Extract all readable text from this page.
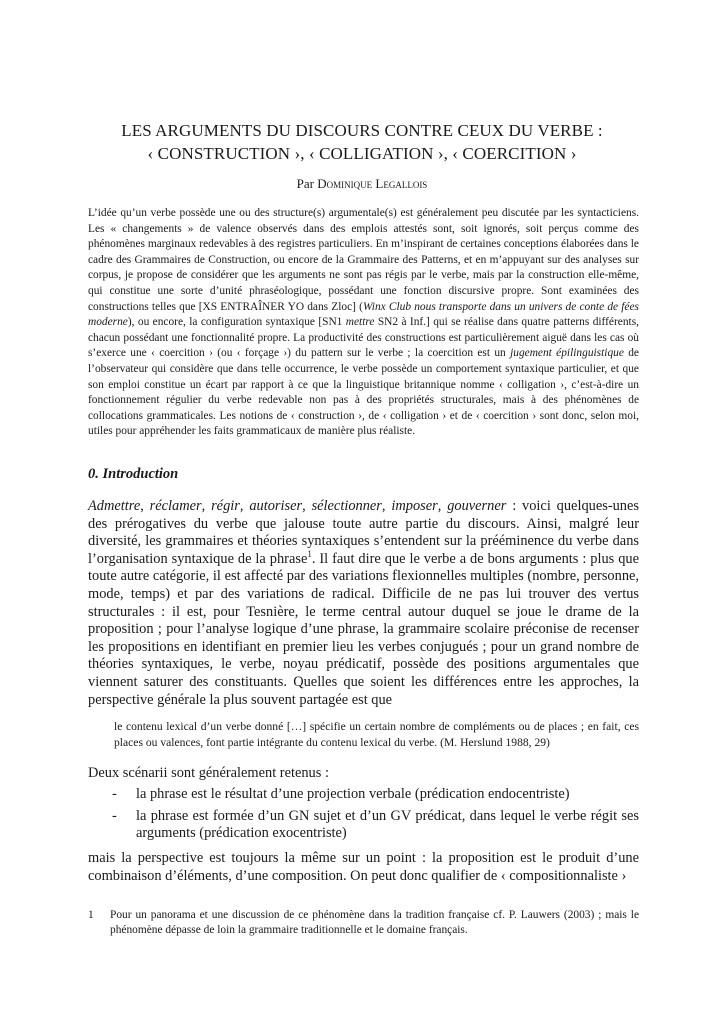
LES ARGUMENTS DU DISCOURS CONTRE CEUX DU VERBE :
‹ CONSTRUCTION ›, ‹ COLLIGATION ›, ‹ COERCITION ›
Par Dominique Legallois

L’idée qu’un verbe possède une ou des structure(s) argumentale(s) est généralement peu discutée par les syntacticiens. Les « changements » de valence observés dans des emplois attestés sont, soit ignorés, soit perçus comme des phénomènes marginaux redevables à des registres particuliers. En m’inspirant de certaines conceptions élaborées dans le cadre des Grammaires de Construction, ou encore de la Grammaire des Patterns, et en m’appuyant sur des analyses sur corpus, je propose de considérer que les arguments ne sont pas régis par le verbe, mais par la construction elle-même, qui constitue une sorte d’unité phraséologique, possédant une fonction discursive propre. Sont examinées des constructions telles que [XS ENTRAÎNER YO dans Zloc] (Winx Club nous transporte dans un univers de conte de fées moderne), ou encore, la configuration syntaxique [SN1 mettre SN2 à Inf.] qui se réalise dans quatre patterns différents, chacun possédant une fonctionnalité propre. La productivité des constructions est particulièrement aiguë dans les cas où s’exerce une ‹ coercition › (ou ‹ forçage ›) du pattern sur le verbe ; la coercition est un jugement épilinguistique de l’observateur qui considère que dans telle occurrence, le verbe possède un comportement syntaxique particulier, et que son emploi constitue un écart par rapport à ce que la linguistique britannique nomme ‹ colligation ›, c’est-à-dire un fonctionnement régulier du verbe redevable non pas à des propriétés structurales, mais à des phénomènes de collocations grammaticales. Les notions de ‹ construction ›, de ‹ colligation › et de ‹ coercition › sont donc, selon moi, utiles pour appréhender les faits grammaticaux de manière plus réaliste.

0. Introduction

Admettre, réclamer, régir, autoriser, sélectionner, imposer, gouverner : voici quelques-unes des prérogatives du verbe que jalouse toute autre partie du discours. Ainsi, malgré leur diversité, les grammaires et théories syntaxiques s’entendent sur la prééminence du verbe dans l’organisation syntaxique de la phrase$^1$. Il faut dire que le verbe a de bons arguments : plus que toute autre catégorie, il est affecté par des variations flexionnelles multiples (nombre, personne, mode, temps) et par des variations de radical. Difficile de ne pas lui trouver des vertus structurales : il est, pour Tesnière, le terme central autour duquel se joue le drame de la proposition ; pour l’analyse logique d’une phrase, la grammaire scolaire préconise de recenser les propositions en identifiant en premier lieu les verbes conjugués ; pour un grand nombre de théories syntaxiques, le verbe, noyau prédicatif, possède des positions argumentales que viennent saturer des constituants. Quelles que soient les différences entre les approches, la perspective générale la plus souvent partagée est que

le contenu lexical d’un verbe donné […] spécifie un certain nombre de compléments ou de places ; en fait, ces places ou valences, font partie intégrante du contenu lexical du verbe. (M. Herslund 1988, 29)

Deux scénarii sont généralement retenus :

- la phrase est le résultat d’une projection verbale (prédication endocentriste)
- la phrase est formée d’un GN sujet et d’un GV prédicat, dans lequel le verbe régit ses arguments (prédication exocentriste)

mais la perspective est toujours la même sur un point : la proposition est le produit d’une combinaison d’éléments, d’une composition. On peut donc qualifier de ‹ compositionnaliste ›

1 Pour un panorama et une discussion de ce phénomène dans la tradition française cf. P. Lauwers (2003) ; mais le phénomène dépasse de loin la grammaire traditionnelle et le domaine français.
